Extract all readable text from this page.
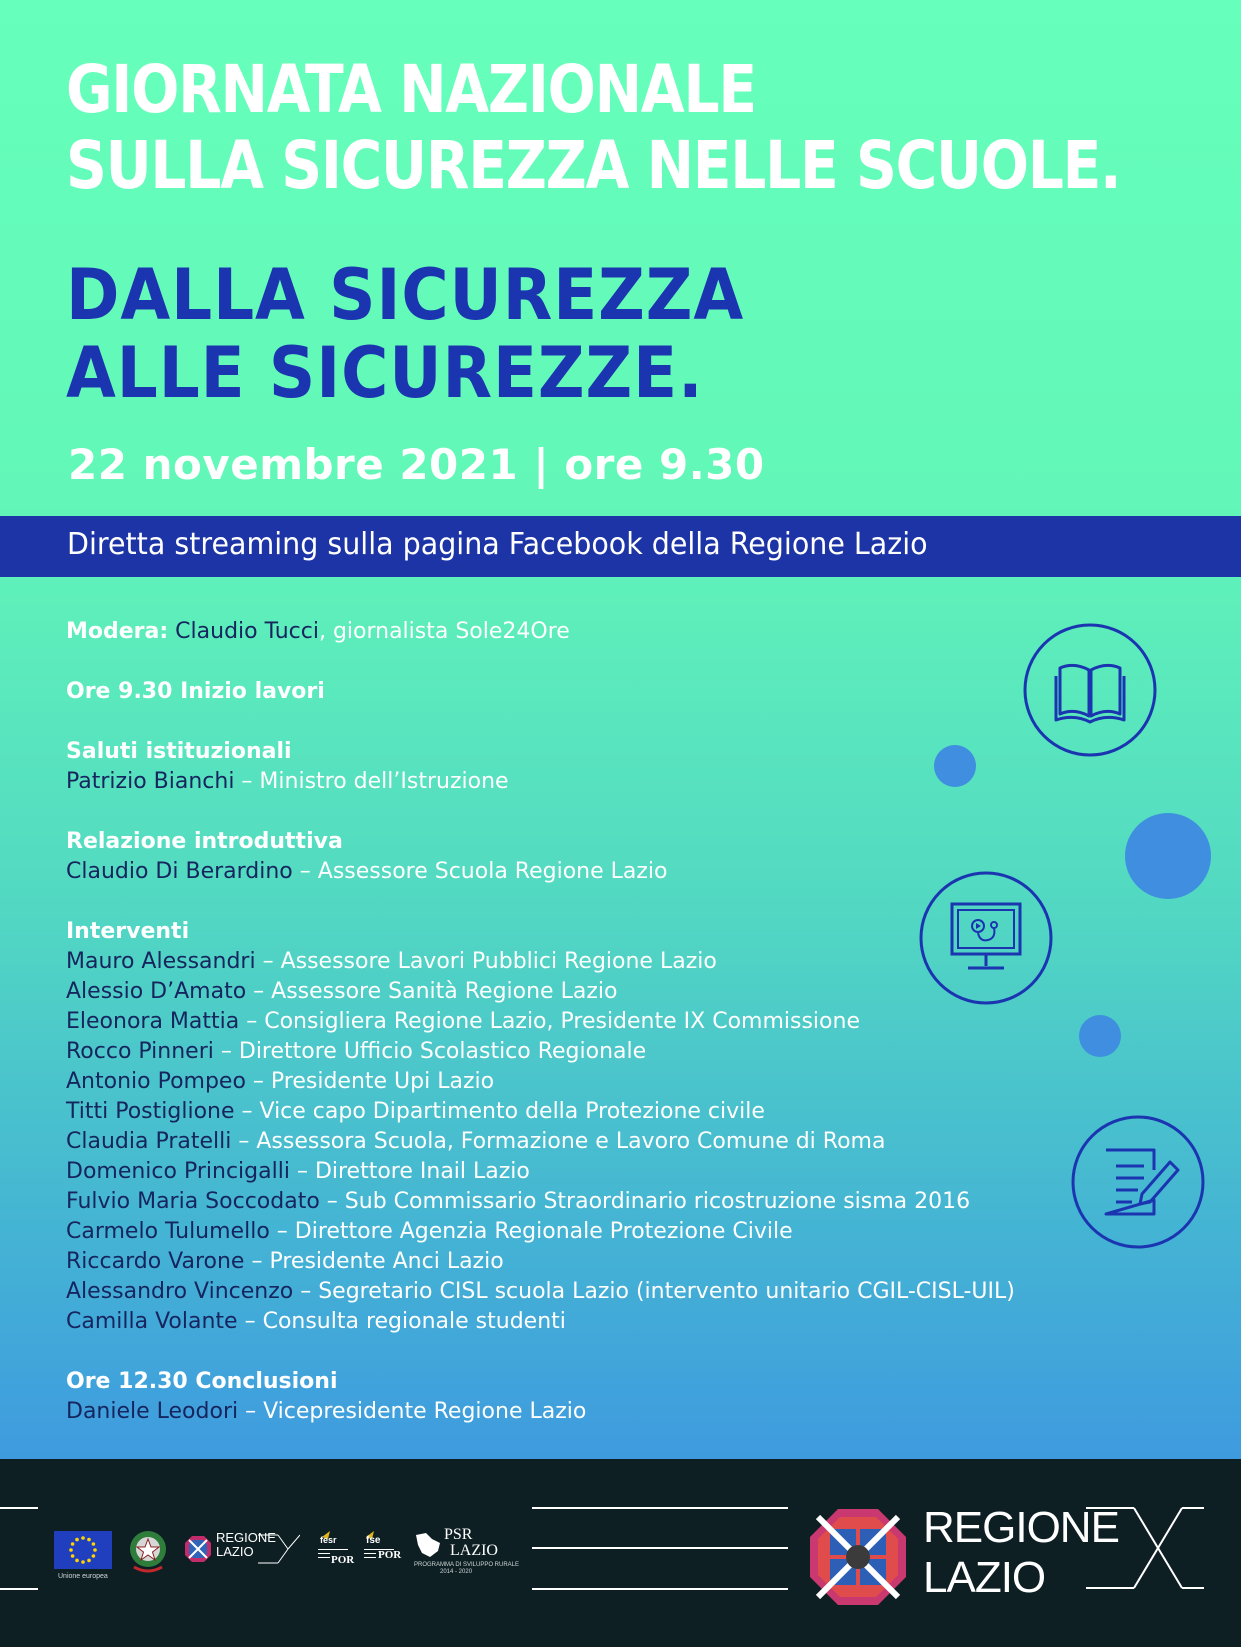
GIORNATA NAZIONALE
SULLA SICUREZZA NELLE SCUOLE.
DALLA SICUREZZA
ALLE SICUREZZE.
22 novembre 2021 | ore 9.30
Diretta streaming sulla pagina Facebook della Regione Lazio
Modera: Claudio Tucci, giornalista Sole24Ore
Ore 9.30 Inizio lavori
Saluti istituzionali
Patrizio Bianchi – Ministro dell’Istruzione
Relazione introduttiva
Claudio Di Berardino – Assessore Scuola Regione Lazio
Interventi
Mauro Alessandri – Assessore Lavori Pubblici Regione Lazio
Alessio D’Amato – Assessore Sanità Regione Lazio
Eleonora Mattia – Consigliera Regione Lazio, Presidente IX Commissione
Rocco Pinneri – Direttore Ufficio Scolastico Regionale
Antonio Pompeo – Presidente Upi Lazio
Titti Postiglione – Vice capo Dipartimento della Protezione civile
Claudia Pratelli – Assessora Scuola, Formazione e Lavoro Comune di Roma
Domenico Princigalli – Direttore Inail Lazio
Fulvio Maria Soccodato – Sub Commissario Straordinario ricostruzione sisma 2016
Carmelo Tulumello – Direttore Agenzia Regionale Protezione Civile
Riccardo Varone – Presidente Anci Lazio
Alessandro Vincenzo – Segretario CISL scuola Lazio (intervento unitario CGIL-CISL-UIL)
Camilla Volante – Consulta regionale studenti
Ore 12.30 Conclusioni
Daniele Leodori – Vicepresidente Regione Lazio
Unione europea
REGIONE
LAZIO
fesr
POR
fse
POR
PSR
LAZIO
PROGRAMMA DI SVILUPPO RURALE
2014 - 2020
REGIONE
LAZIO
